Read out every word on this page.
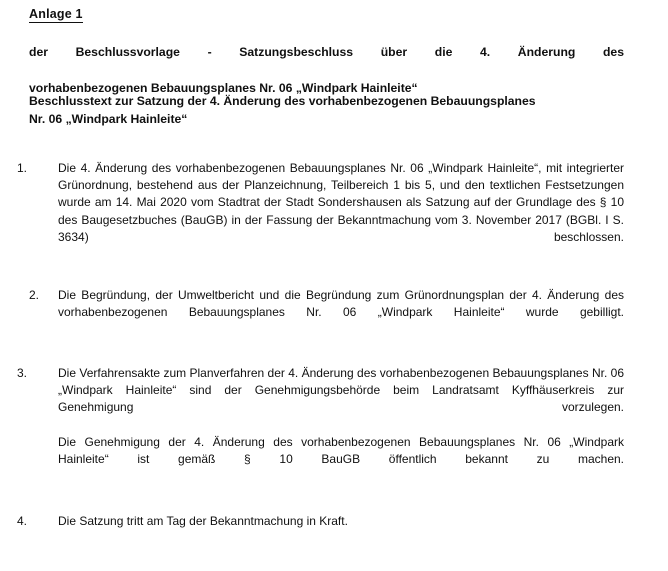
Anlage 1
der Beschlussvorlage - Satzungsbeschluss über die 4. Änderung des
vorhabenbezogenen Bebauungsplanes Nr. 06 „Windpark Hainleite“
Beschlusstext zur Satzung der 4. Änderung des vorhabenbezogenen Bebauungsplanes
Nr. 06 „Windpark Hainleite“
1.	Die 4. Änderung des vorhabenbezogenen Bebauungsplanes Nr. 06 „Windpark Hainleite“, mit integrierter Grünordnung, bestehend aus der Planzeichnung, Teilbereich 1 bis 5, und den textlichen Festsetzungen wurde am 14. Mai 2020 vom Stadtrat der Stadt Sondershausen als Satzung auf der Grundlage des § 10 des Baugesetzbuches (BauGB) in der Fassung der Bekanntmachung vom 3. November 2017 (BGBl. I S. 3634) beschlossen.

2. Die Begründung, der Umweltbericht und die Begründung zum Grünordnungsplan der 4. Änderung des vorhabenbezogenen Bebauungsplanes Nr. 06 „Windpark Hainleite“ wurde gebilligt.

3.	Die Verfahrensakte zum Planverfahren der 4. Änderung des vorhabenbezogenen Bebauungsplanes Nr. 06 „Windpark Hainleite“ sind der Genehmigungsbehörde beim Landratsamt Kyffhäuserkreis zur Genehmigung vorzulegen.

Die Genehmigung der 4. Änderung des vorhabenbezogenen Bebauungsplanes Nr. 06 „Windpark Hainleite“ ist gemäß § 10 BauGB öffentlich bekannt zu machen.

4.	Die Satzung tritt am Tag der Bekanntmachung in Kraft.
